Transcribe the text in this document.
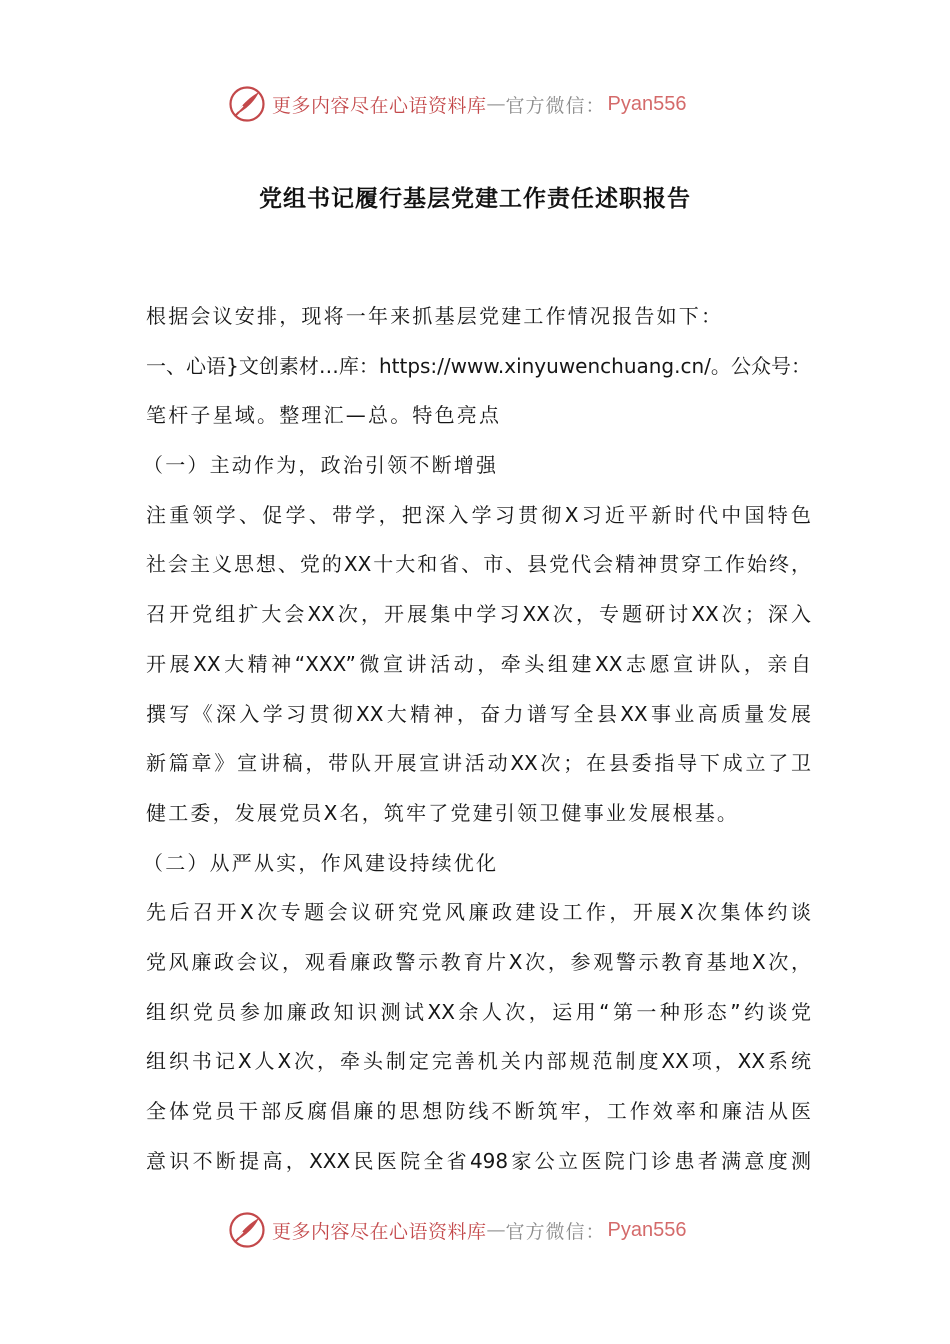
更多内容尽在心语资料库 — 官方微信： Pyan556
党组书记履行基层党建工作责任述职报告
根据会议安排，现将一年来抓基层党建工作情况报告如下：
一、心语}文创素材…库：https://www.xinyuwenchuang.cn/。公众号：
笔杆子星域。整理汇—总。特色亮点
（一）主动作为，政治引领不断增强
注重领学、促学、带学，把深入学习贯彻X习近平新时代中国特色
社会主义思想、党的XX十大和省、市、县党代会精神贯穿工作始终，
召开党组扩大会XX次，开展集中学习XX次，专题研讨XX次；深入
开展XX大精神“XXX”微宣讲活动，牵头组建XX志愿宣讲队，亲自
撰写《深入学习贯彻XX大精神，奋力谱写全县XX事业高质量发展
新篇章》宣讲稿，带队开展宣讲活动XX次；在县委指导下成立了卫
健工委，发展党员X名，筑牢了党建引领卫健事业发展根基。
（二）从严从实，作风建设持续优化
先后召开X次专题会议研究党风廉政建设工作，开展X次集体约谈
党风廉政会议，观看廉政警示教育片X次，参观警示教育基地X次，
组织党员参加廉政知识测试XX余人次，运用“第一种形态”约谈党
组织书记X人X次，牵头制定完善机关内部规范制度XX项，XX系统
全体党员干部反腐倡廉的思想防线不断筑牢，工作效率和廉洁从医
意识不断提高，XXX民医院全省498家公立医院门诊患者满意度测
更多内容尽在心语资料库 — 官方微信： Pyan556
